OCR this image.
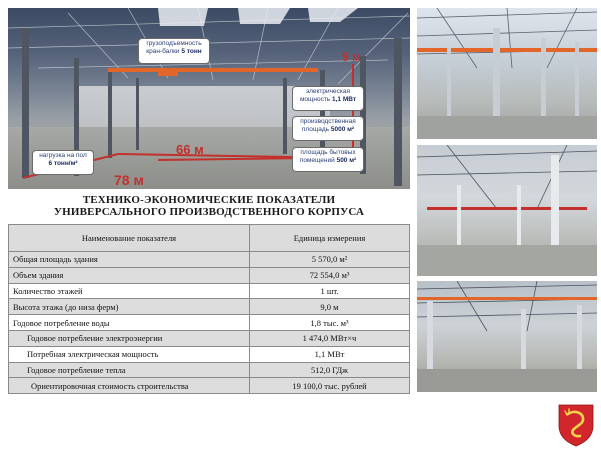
грузоподъемность
кран-балки 5 тонн
электрическая
мощность 1,1 МВт
производственная
площадь 5000 м²
площадь бытовых
помещений 500 м²
нагрузка на пол
6 тонн/м²
9 м
66 м
78 м
ТЕХНИКО-ЭКОНОМИЧЕСКИЕ ПОКАЗАТЕЛИ
УНИВЕРСАЛЬНОГО ПРОИЗВОДСТВЕННОГО КОРПУСА
Наименование показателя	Единица измерения
Общая площадь здания	5 570,0 м²
Объем здания	72 554,0 м³
Количество этажей	1 шт.
Высота этажа (до низа ферм)	9,0 м
Годовое потребление воды	1,8 тыс. м³
Годовое потребление электроэнергии	1 474,0 МВт×ч
Потребная электрическая мощность	1,1 МВт
Годовое потребление тепла	512,0 ГДж
Ориентировочная стоимость строительства	19 100,0 тыс. рублей
